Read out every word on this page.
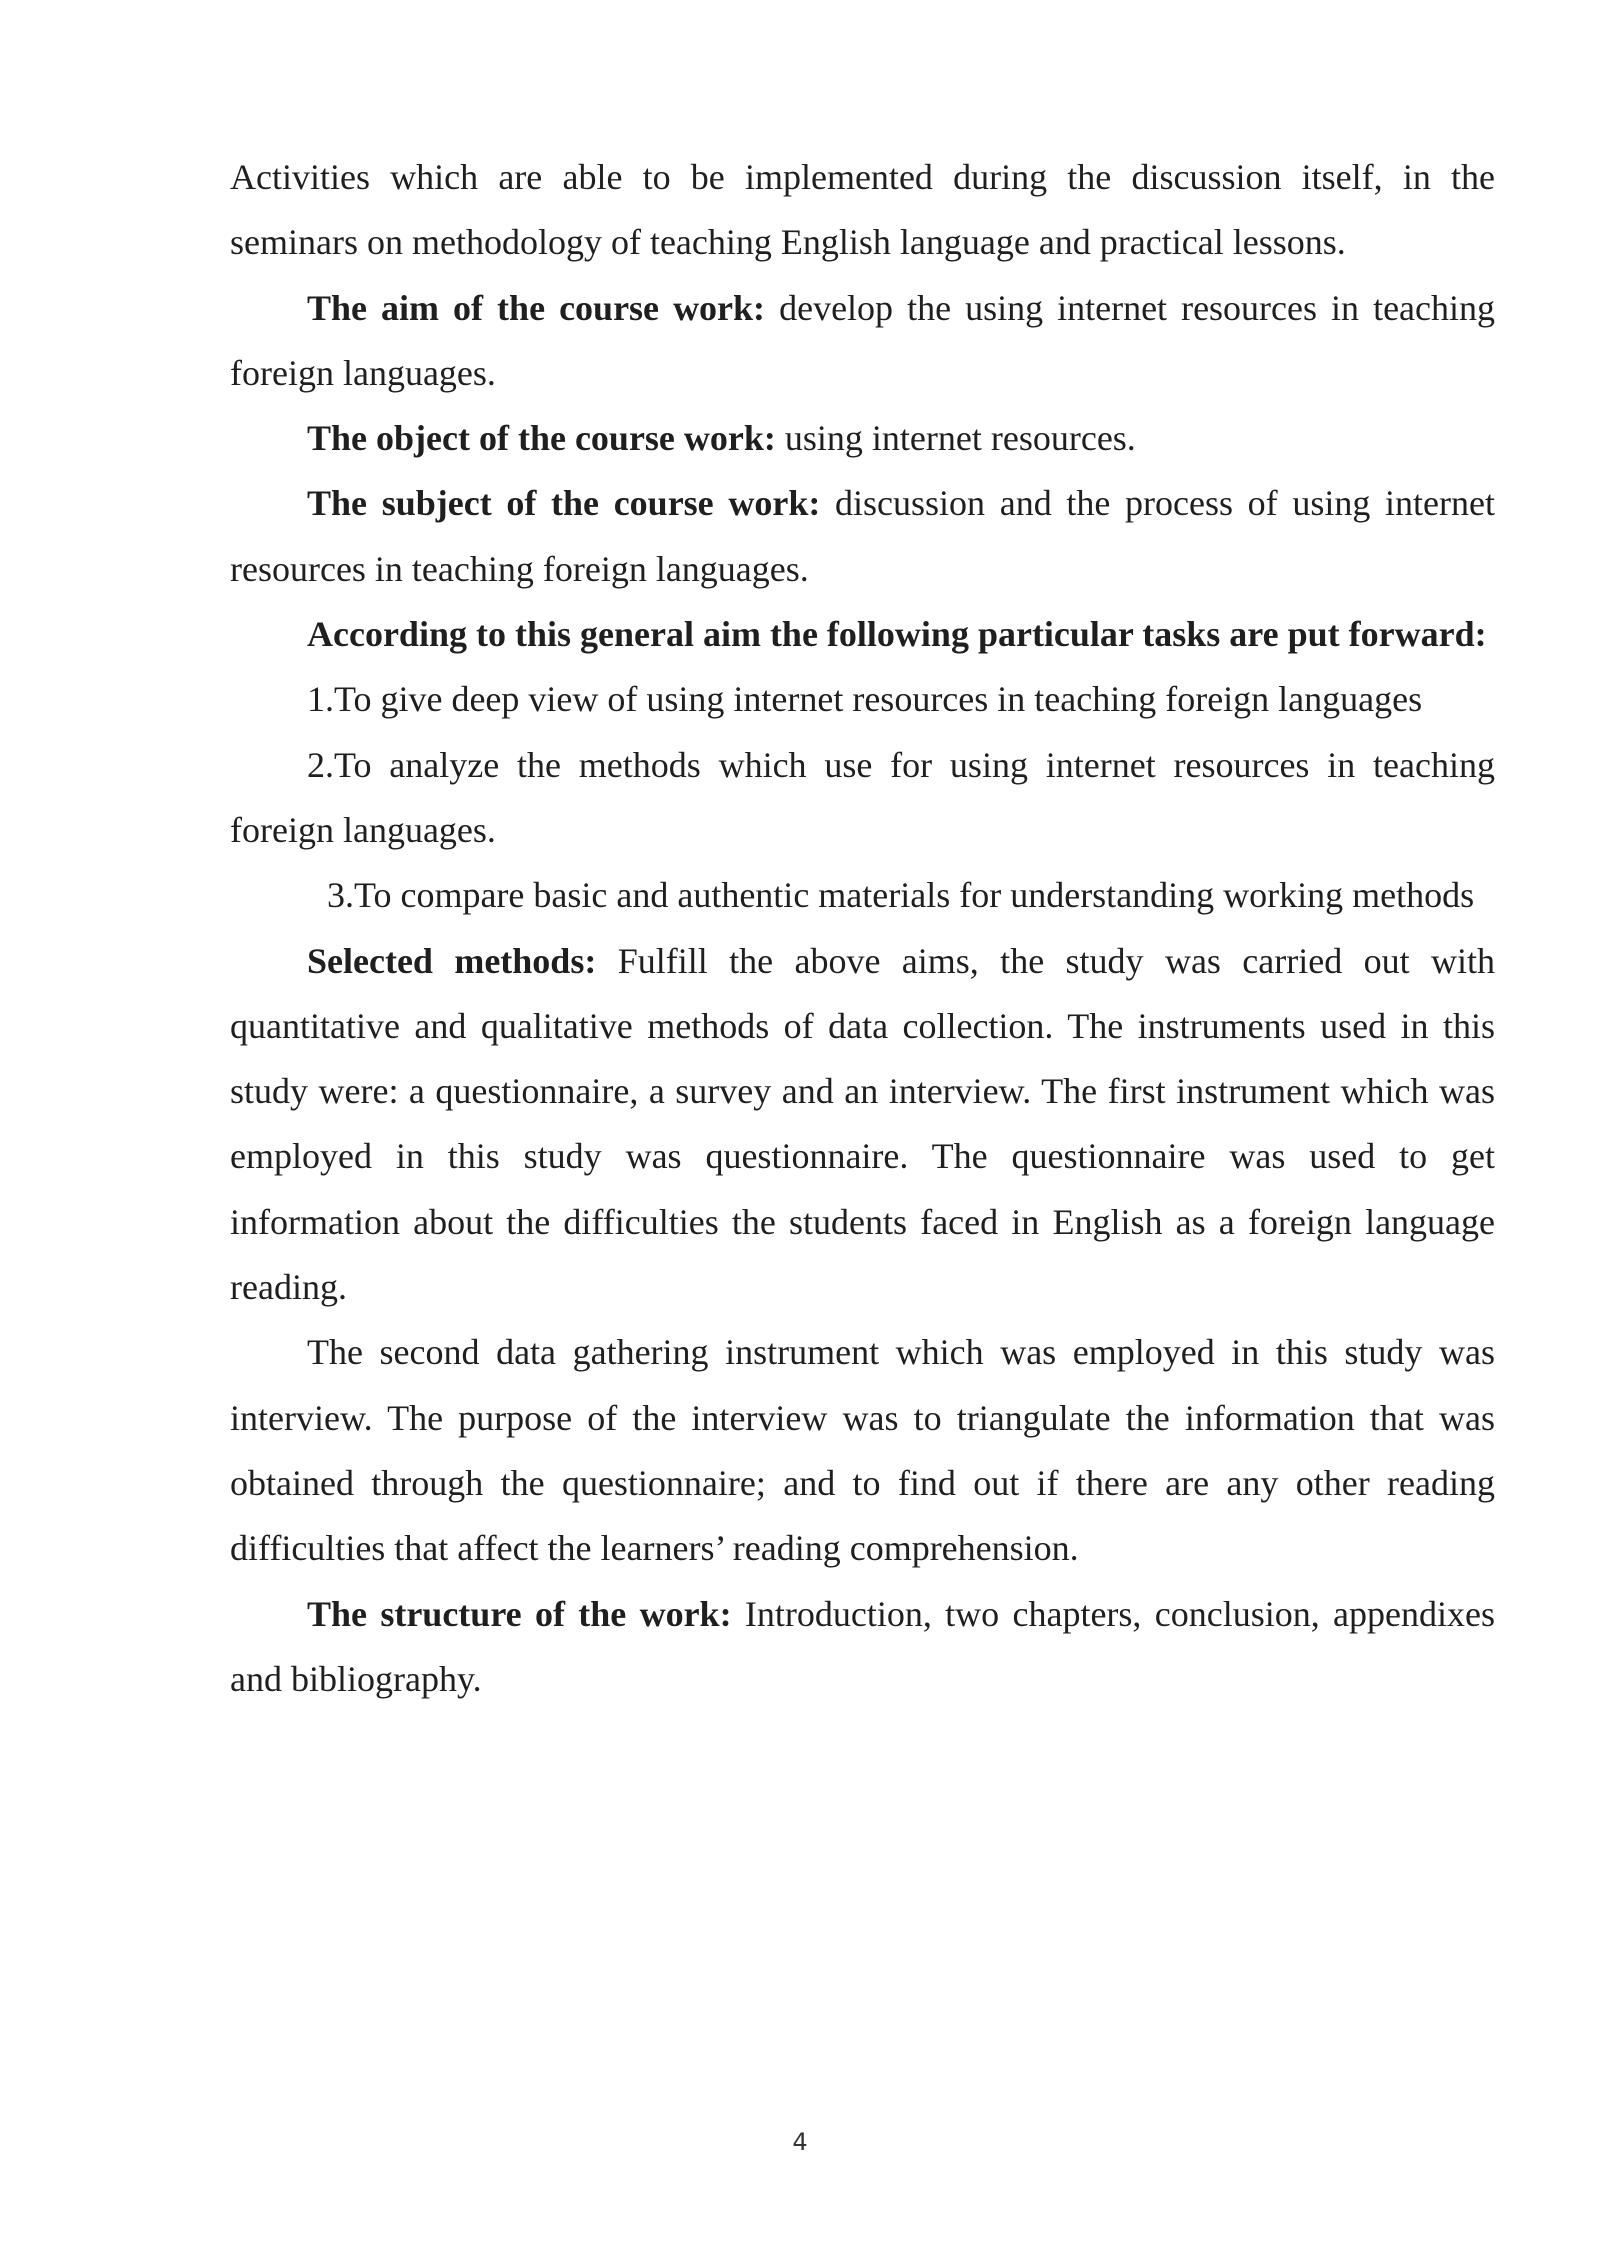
Activities which are able to be implemented during the discussion itself, in the seminars on methodology of teaching English language and practical lessons.

The aim of the course work: develop the using internet resources in teaching foreign languages.

The object of the course work: using internet resources.

The subject of the course work: discussion and the process of using internet resources in teaching foreign languages.

According to this general aim the following particular tasks are put forward:

1.To give deep view of using internet resources in teaching foreign languages

2.To analyze the methods which use for using internet resources in teaching foreign languages.

3.To compare basic and authentic materials for understanding working methods

Selected methods: Fulfill the above aims, the study was carried out with quantitative and qualitative methods of data collection. The instruments used in this study were: a questionnaire, a survey and an interview. The first instrument which was employed in this study was questionnaire. The questionnaire was used to get information about the difficulties the students faced in English as a foreign language reading.

The second data gathering instrument which was employed in this study was interview. The purpose of the interview was to triangulate the information that was obtained through the questionnaire; and to find out if there are any other reading difficulties that affect the learners’ reading comprehension.

The structure of the work: Introduction, two chapters, conclusion, appendixes and bibliography.

4
